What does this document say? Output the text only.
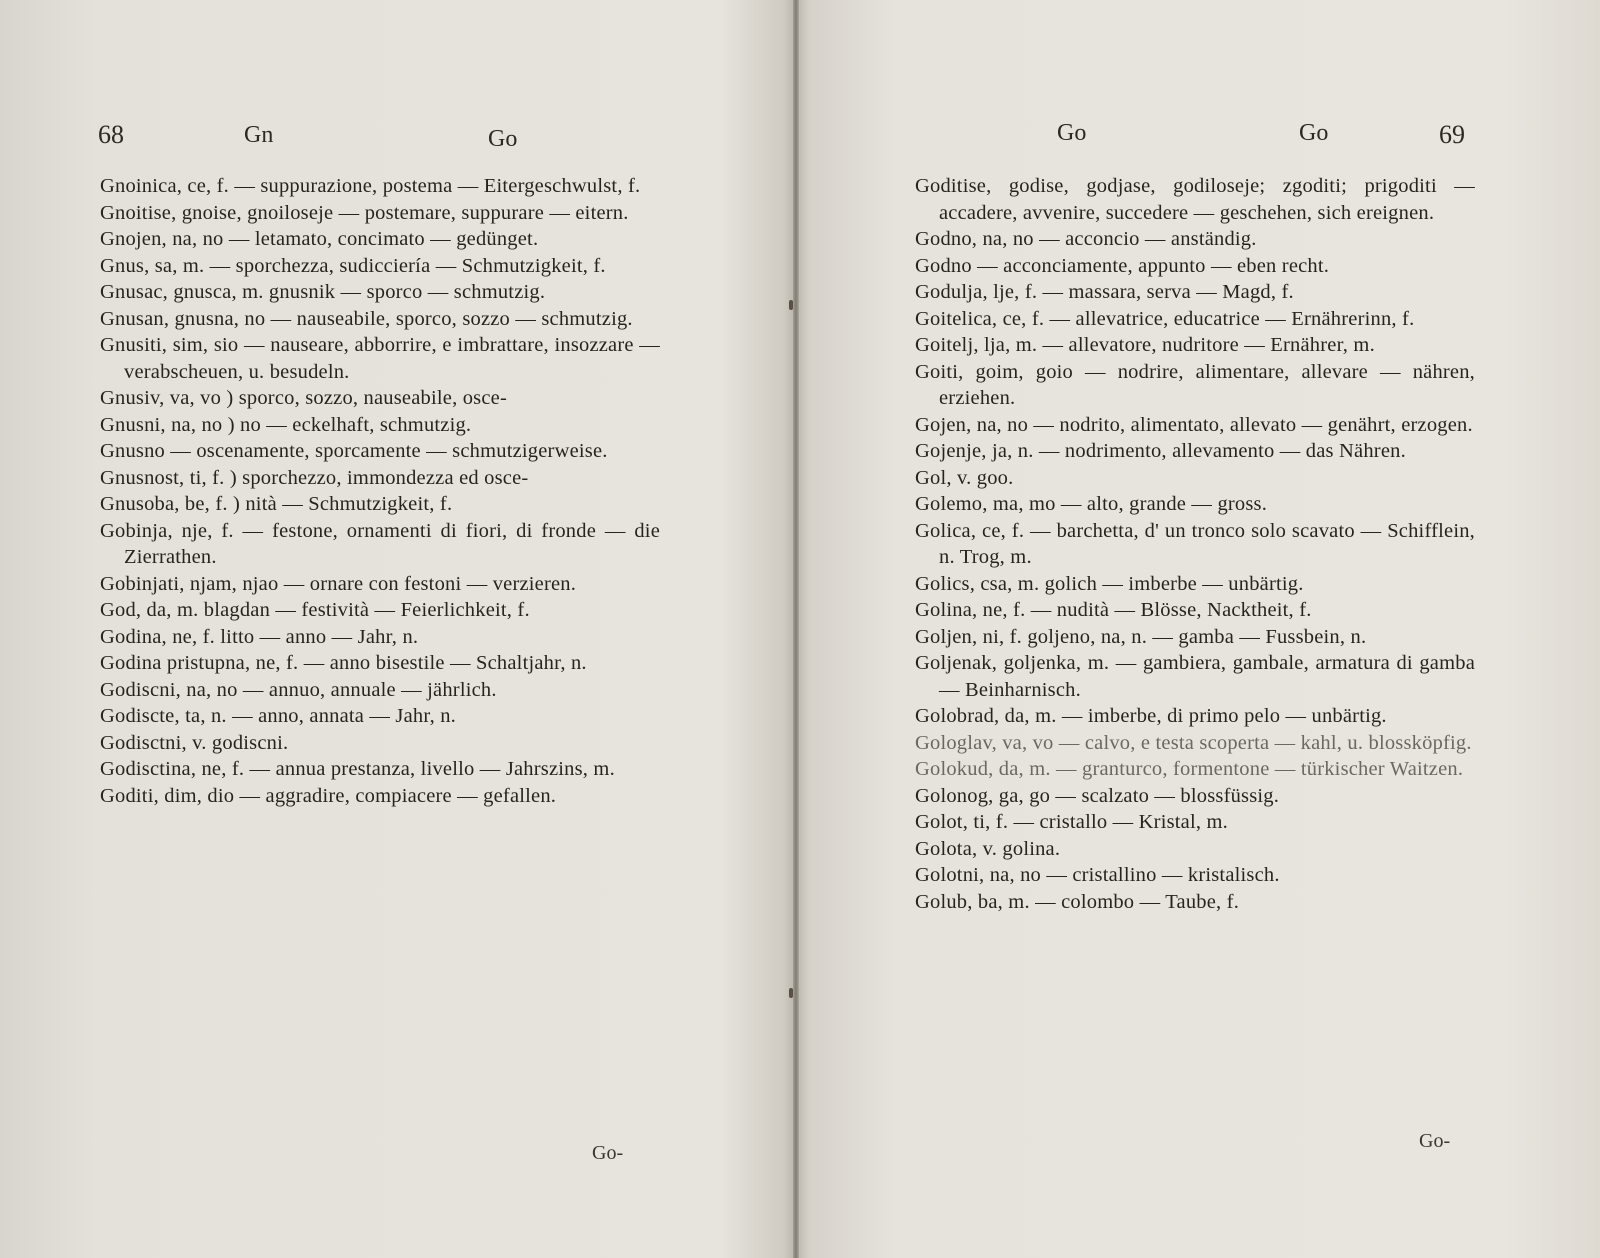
68	Gn	Go
Gnoinica, ce, f. — suppurazione, postema — Eitergeschwulst, f.
Gnoitise, gnoise, gnoiloseje — postemare, suppurare — eitern.
Gnojen, na, no — letamato, concimato — gedünget.
Gnus, sa, m. — sporchezza, sudicciería — Schmutzigkeit, f.
Gnusac, gnusca, m. gnusnik — sporco — schmutzig.
Gnusan, gnusna, no — nauseabile, sporco, sozzo — schmutzig.
Gnusiti, sim, sio — nauseare, abborrire, e imbrattare, insozzare — verabscheuen, u. besudeln.
Gnusiv, va, vo ) sporco, sozzo, nauseabile, osce-
Gnusni, na, no ) no — eckelhaft, schmutzig.
Gnusno — oscenamente, sporcamente — schmutzigerweise.
Gnusnost, ti, f. ) sporchezzo, immondezza ed osce-
Gnusoba, be, f. ) nità — Schmutzigkeit, f.
Gobinja, nje, f. — festone, ornamenti di fiori, di fronde — die Zierrathen.
Gobinjati, njam, njao — ornare con festoni — verzieren.
God, da, m. blagdan — festività — Feierlichkeit, f.
Godina, ne, f. litto — anno — Jahr, n.
Godina pristupna, ne, f. — anno bisestile — Schaltjahr, n.
Godiscni, na, no — annuo, annuale — jährlich.
Godiscte, ta, n. — anno, annata — Jahr, n.
Godisctni, v. godiscni.
Godisctina, ne, f. — annua prestanza, livello — Jahrszins, m.
Goditi, dim, dio — aggradire, compiacere — gefallen.
Go-
Go	Go	69
Goditise, godise, godjase, godiloseje; zgoditi; prigoditi — accadere, avvenire, succedere — geschehen, sich ereignen.
Godno, na, no — acconcio — anständig.
Godno — acconciamente, appunto — eben recht.
Godulja, lje, f. — massara, serva — Magd, f.
Goitelica, ce, f. — allevatrice, educatrice — Ernährerinn, f.
Goitelj, lja, m. — allevatore, nudritore — Ernährer, m.
Goiti, goim, goio — nodrire, alimentare, allevare — nähren, erziehen.
Gojen, na, no — nodrito, alimentato, allevato — genährt, erzogen.
Gojenje, ja, n. — nodrimento, allevamento — das Nähren.
Gol, v. goo.
Golemo, ma, mo — alto, grande — gross.
Golica, ce, f. — barchetta, d' un tronco solo scavato — Schifflein, n. Trog, m.
Golics, csa, m. golich — imberbe — unbärtig.
Golina, ne, f. — nudità — Blösse, Nacktheit, f.
Goljen, ni, f. goljeno, na, n. — gamba — Fussbein, n.
Goljenak, goljenka, m. — gambiera, gambale, armatura di gamba — Beinharnisch.
Golobrad, da, m. — imberbe, di primo pelo — unbärtig.
Gologlav, va, vo — calvo, e testa scoperta — kahl, u. blossköpfig.
Golokud, da, m. — granturco, formentone — türkischer Waitzen.
Golonog, ga, go — scalzato — blossfüssig.
Golot, ti, f. — cristallo — Kristal, m.
Golota, v. golina.
Golotni, na, no — cristallino — kristalisch.
Golub, ba, m. — colombo — Taube, f.
Go-
